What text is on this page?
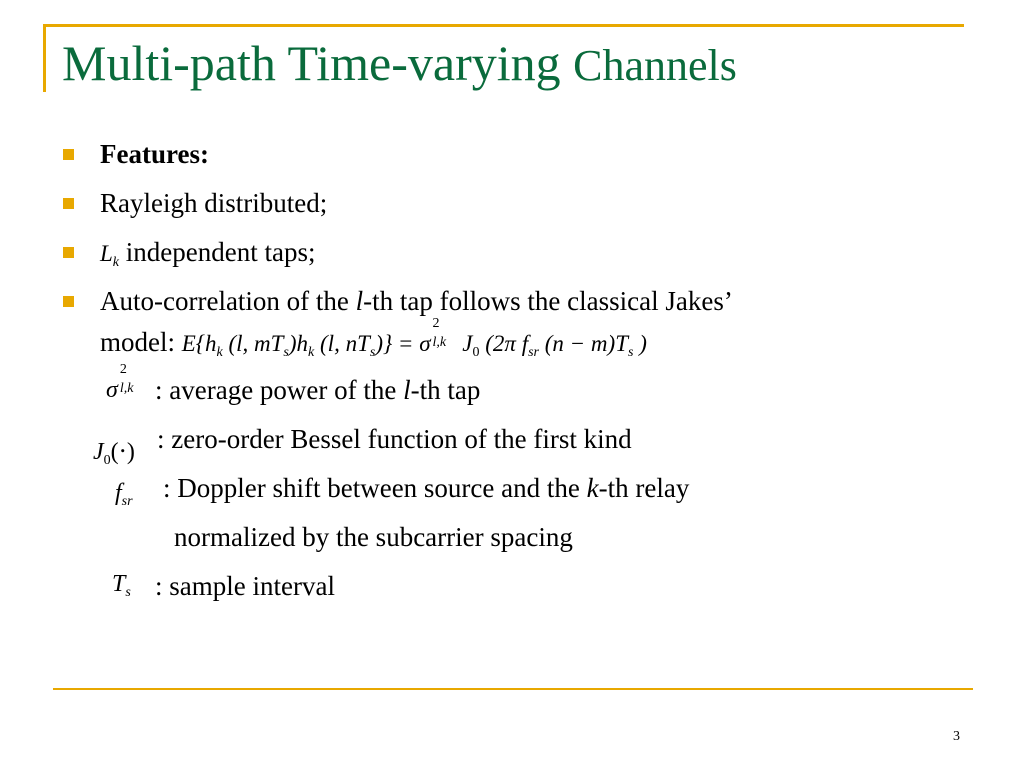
Multi-path Time-varying Channels
Features:
Rayleigh distributed;
$L_k$ independent taps;
Auto-correlation of the l-th tap follows the classical Jakes’
model: $E\{h_k$ (l, $mT_s)h_k$ (l, $nT_s)\} = \sigma$
2
l,k $J_0$ (2π $f_{sr}$ $(n - m)T_s$ )
σ
2
l,k : average power of the l-th tap
$J_0(\cdot)$ : zero-order Bessel function of the first kind
$f_{sr}$ : Doppler shift between source and the k-th relay
normalized by the subcarrier spacing
$T_s$ : sample interval
3
